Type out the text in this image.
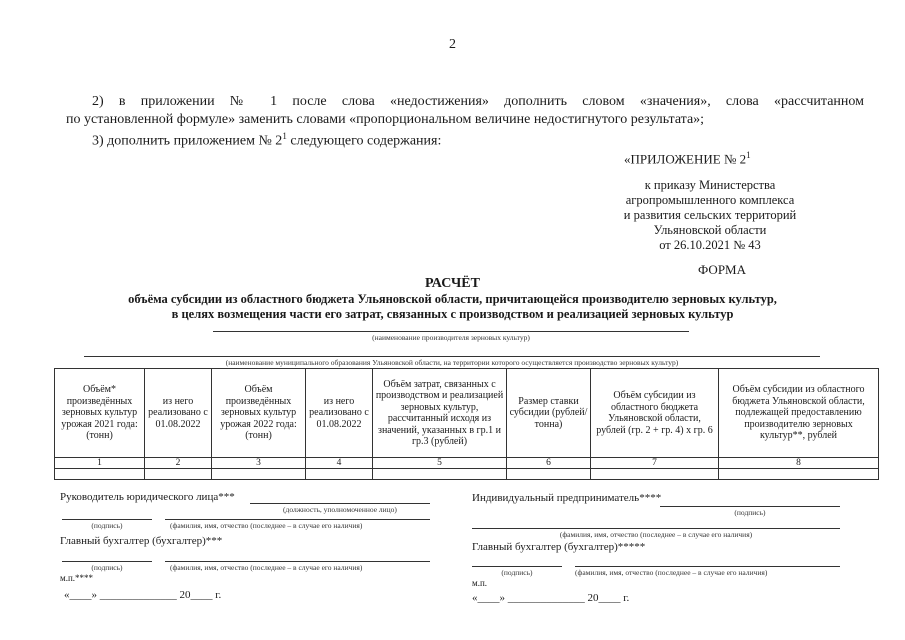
2
2) в приложении № 1 после слова «недостижения» дополнить словом «значения», слова «рассчитанном
по установленной формуле» заменить словами «пропорциональном величине недостигнутого результата»;
3) дополнить приложением № $2^1$ следующего содержания:
«ПРИЛОЖЕНИЕ № $2^1$
к приказу Министерства
агропромышленного комплекса
и развития сельских территорий
Ульяновской области
от 26.10.2021 № 43
ФОРМА
РАСЧЁТ
объёма субсидии из областного бюджета Ульяновской области, причитающейся производителю зерновых культур,
в целях возмещения части его затрат, связанных с производством и реализацией зерновых культур
(наименование производителя зерновых культур)
(наименование муниципального образования Ульяновской области, на территории которого осуществляется производство зерновых культур)
Объём* произведённых зерновых культур урожая 2021 года: (тонн)	из него реализовано с 01.08.2022	Объём произведённых зерновых культур урожая 2022 года: (тонн)	из него реализовано с 01.08.2022	Объём затрат, связанных с производством и реализацией зерновых культур, рассчитанный исходя из значений, указанных в гр.1 и гр.3 (рублей)	Размер ставки субсидии (рублей/тонна)	Объём субсидии из областного бюджета Ульяновской области, рублей (гр. 2 + гр. 4) х гр. 6	Объём субсидии из областного бюджета Ульяновской области, подлежащей предоставлению производителю зерновых культур**, рублей
1	2	3	4	5	6	7	8

Руководитель юридического лица***
(должность, уполномоченное лицо)
(подпись)	(фамилия, имя, отчество (последнее – в случае его наличия)
Главный бухгалтер (бухгалтер)***
(подпись)	(фамилия, имя, отчество (последнее – в случае его наличия)
м.п.****
«____» ______________ 20____ г.
Индивидуальный предприниматель****
(подпись)
(фамилия, имя, отчество (последнее – в случае его наличия)
Главный бухгалтер (бухгалтер)*****
(подпись)	(фамилия, имя, отчество (последнее – в случае его наличия)
м.п.
«____» ______________ 20____ г.
